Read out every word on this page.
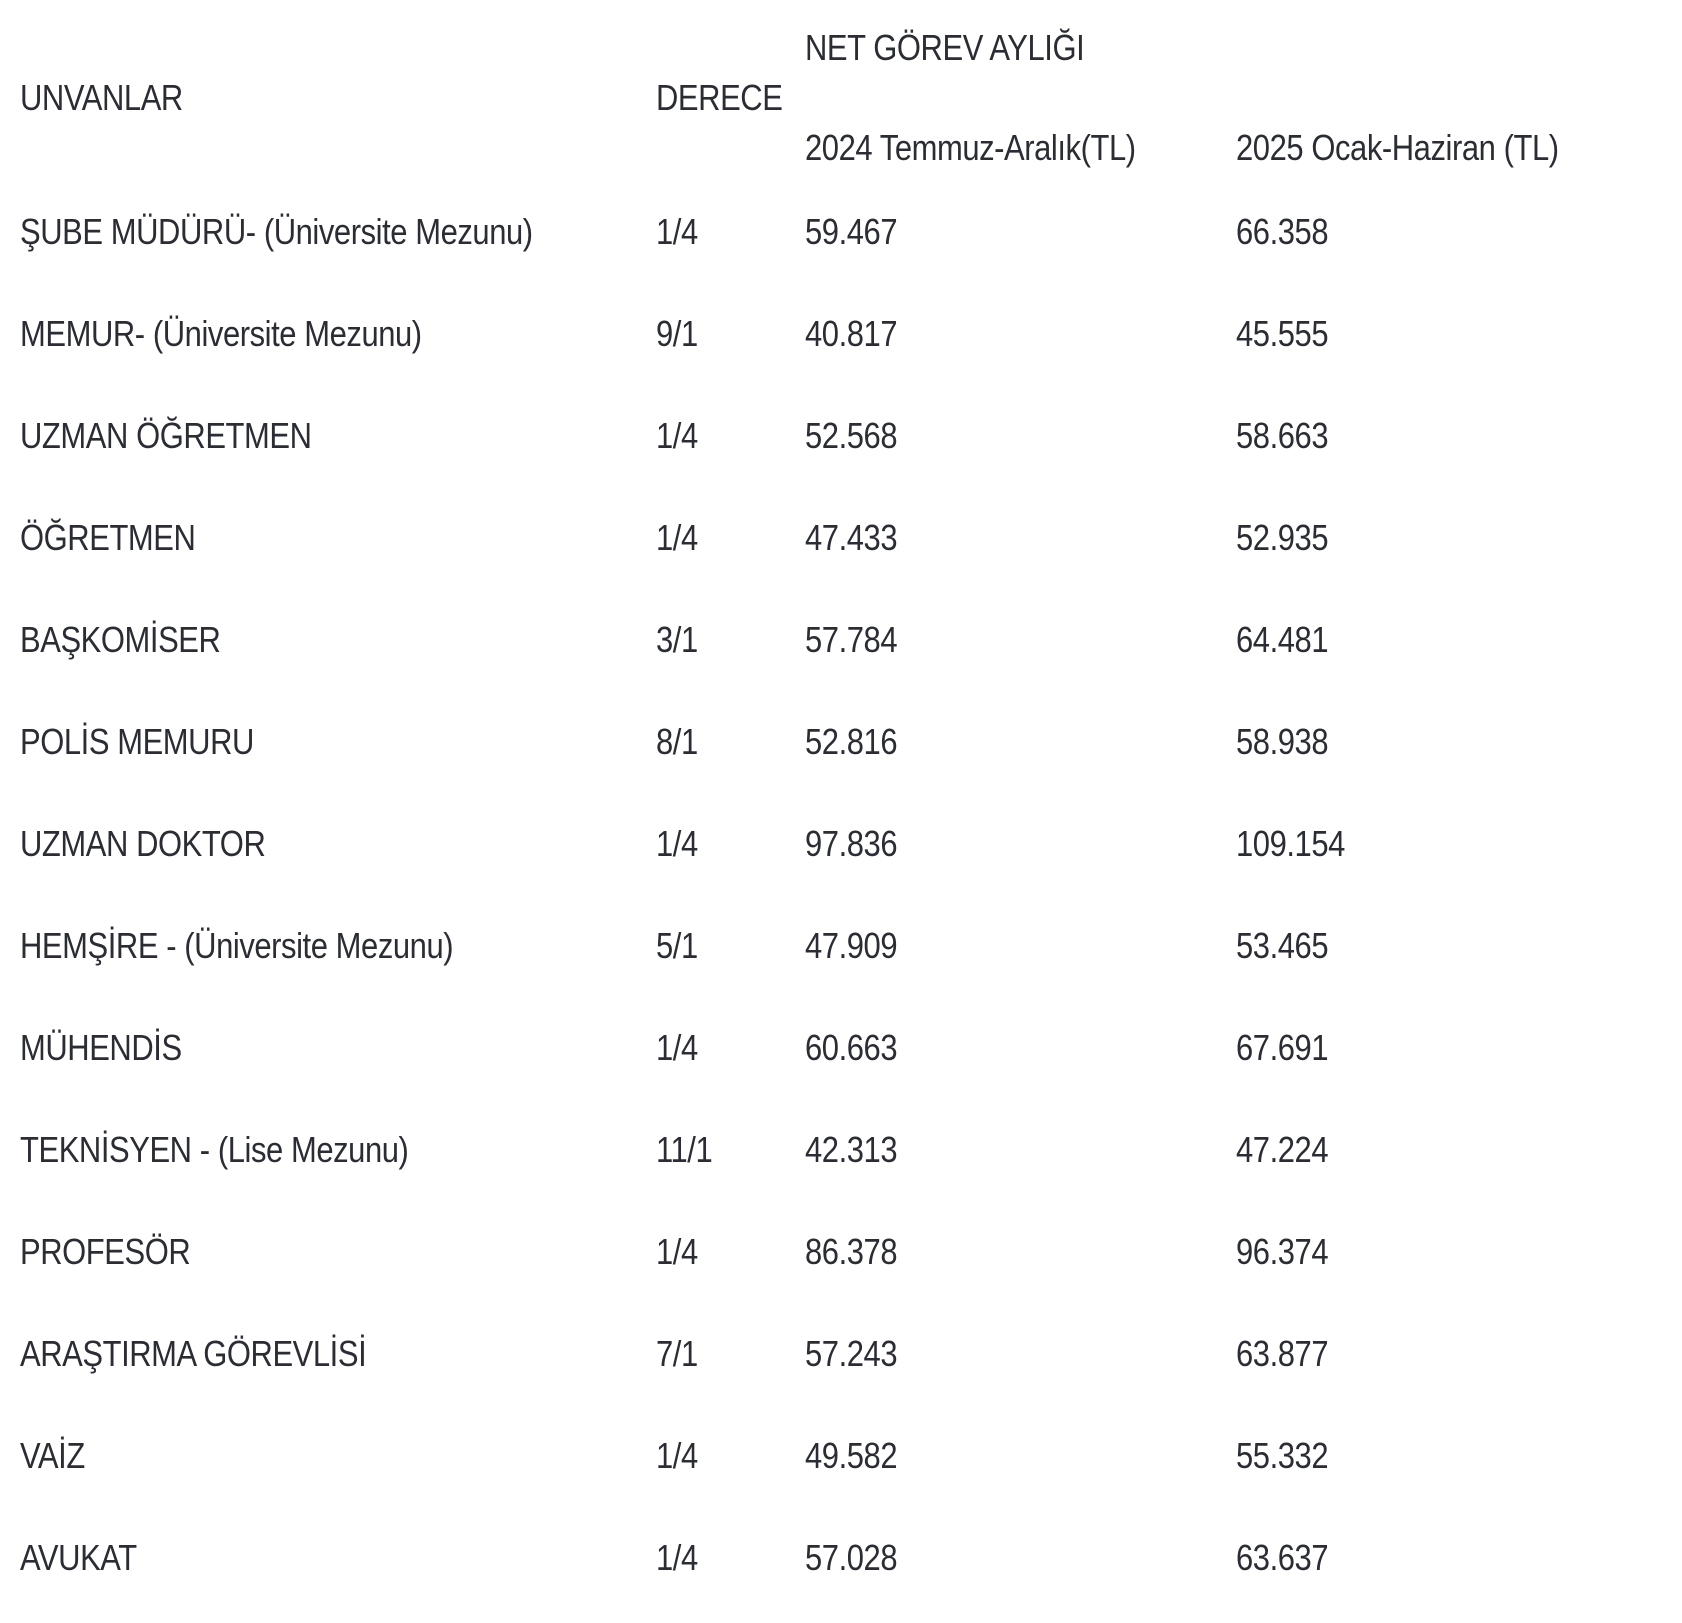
NET GÖREV AYLIĞI
UNVANLAR	DERECE
2024 Temmuz-Aralık(TL)	2025 Ocak-Haziran (TL)
ŞUBE MÜDÜRÜ- (Üniversite Mezunu)	1/4	59.467	66.358
MEMUR- (Üniversite Mezunu)	9/1	40.817	45.555
UZMAN ÖĞRETMEN	1/4	52.568	58.663
ÖĞRETMEN	1/4	47.433	52.935
BAŞKOMİSER	3/1	57.784	64.481
POLİS MEMURU	8/1	52.816	58.938
UZMAN DOKTOR	1/4	97.836	109.154
HEMŞİRE - (Üniversite Mezunu)	5/1	47.909	53.465
MÜHENDİS	1/4	60.663	67.691
TEKNİSYEN - (Lise Mezunu)	11/1	42.313	47.224
PROFESÖR	1/4	86.378	96.374
ARAŞTIRMA GÖREVLİSİ	7/1	57.243	63.877
VAİZ	1/4	49.582	55.332
AVUKAT	1/4	57.028	63.637
